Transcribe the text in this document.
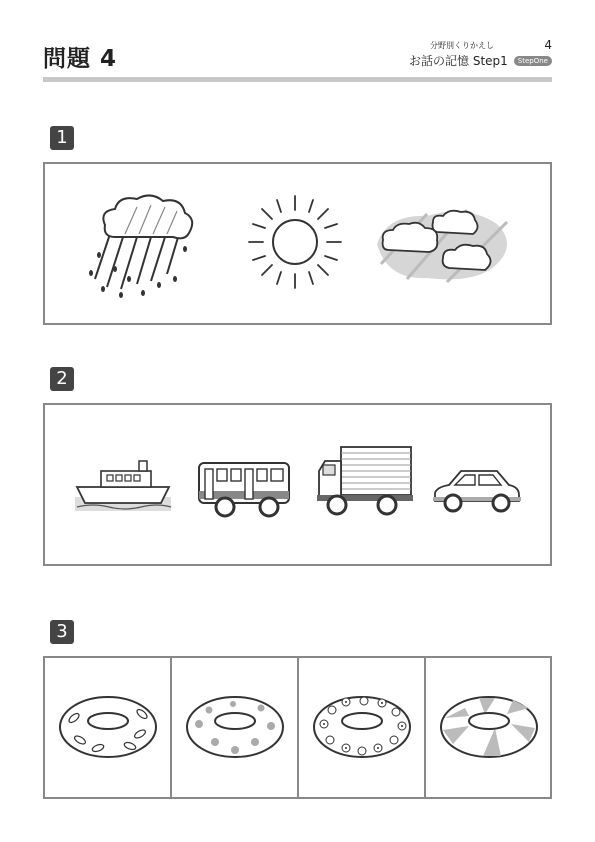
問題 4
分野別くりかえし	4
お話の記憶 Step1	StepOne
1
2
3
